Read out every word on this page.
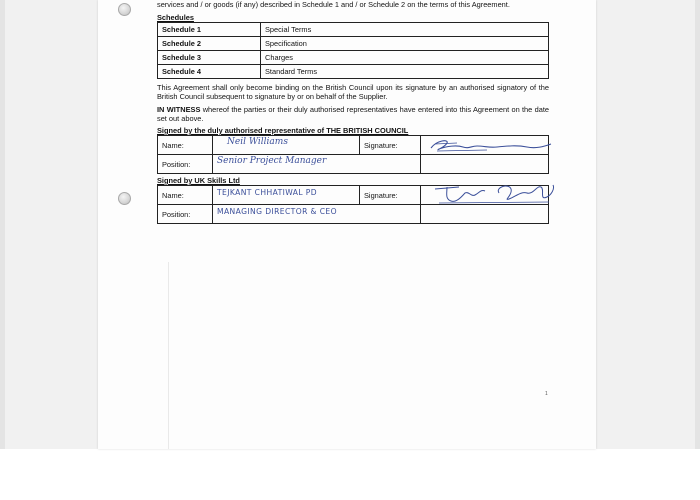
services and / or goods (if any) described in Schedule 1 and / or Schedule 2 on the terms of this Agreement.
Schedules
Schedule 1	Special Terms
Schedule 2	Specification
Schedule 3	Charges
Schedule 4	Standard Terms
This Agreement shall only become binding on the British Council upon its signature by an authorised signatory of the British Council subsequent to signature by or on behalf of the Supplier.
IN WITNESS whereof the parties or their duly authorised representatives have entered into this Agreement on the date set out above.
Signed by the duly authorised representative of THE BRITISH COUNCIL
Name:	Neil Williams	Signature:	

Position:	Senior Project Manager		

Signed by UK Skills Ltd
Name:	TEJKANT CHHATIWAL PD	Signature:	

Position:	MANAGING DIRECTOR & CEO		

1
